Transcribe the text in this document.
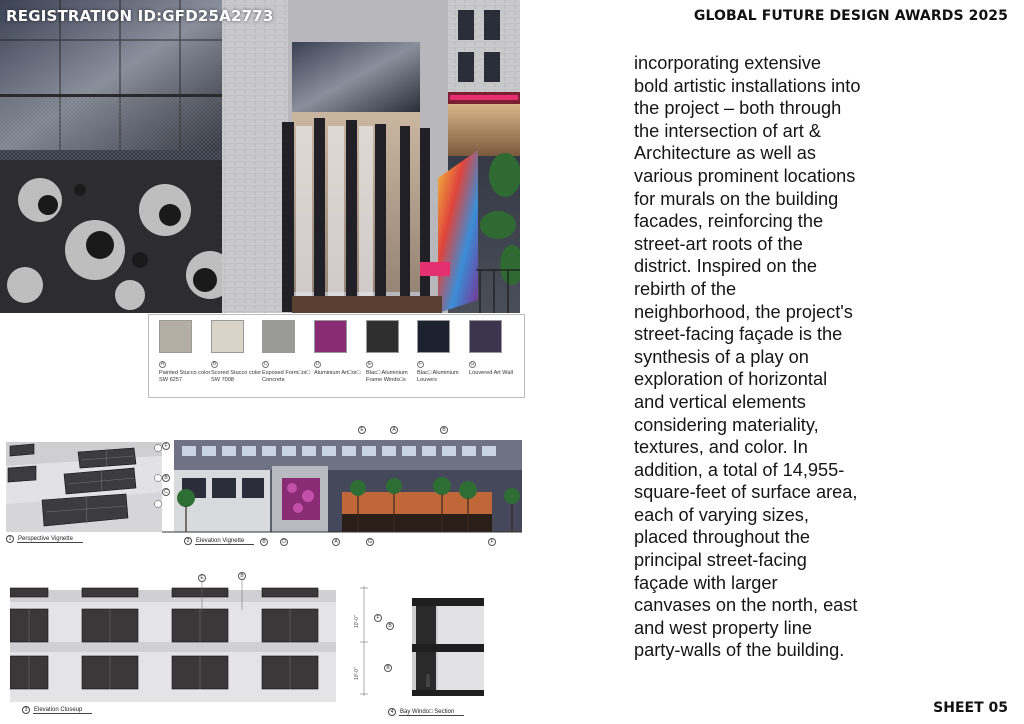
REGISTRATION ID:GFD25A2773	GLOBAL FUTURE DESIGN AWARDS 2025
incorporating extensive
bold artistic installations into
the project – both through
the intersection of art &
Architecture as well as
various prominent locations
for murals on the building
facades, reinforcing the
street-art roots of the
district. Inspired on the
rebirth of the
neighborhood, the project's
street-facing façade is the
synthesis of a play on
exploration of horizontal
and vertical elements
considering materiality,
textures, and color. In
addition, a total of 14,955-
square-feet of surface area,
each of varying sizes,
placed throughout the
principal street-facing
façade with larger
canvases on the north, east
and west property line
party-walls of the building.
A
Painted Stucco color SW 6257
B
Scored Stucco color SW 7008
C
Exposed Form□or□ Concrete
D
Aluminium Art□or□
E
Blac□ Aluminium Frame Windo□s
F
Blac□ Aluminium Louvers
G
Louvered Art Wall
1	Perspective Vignette
E	A	B
F
B
C
B	D	A	G	F
2	Elevation Vignette
E	B
3	Elevation Closeup
F
B
B
10'-0"
10'-0"
4	Bay Windo□ Section	SHEET 05
